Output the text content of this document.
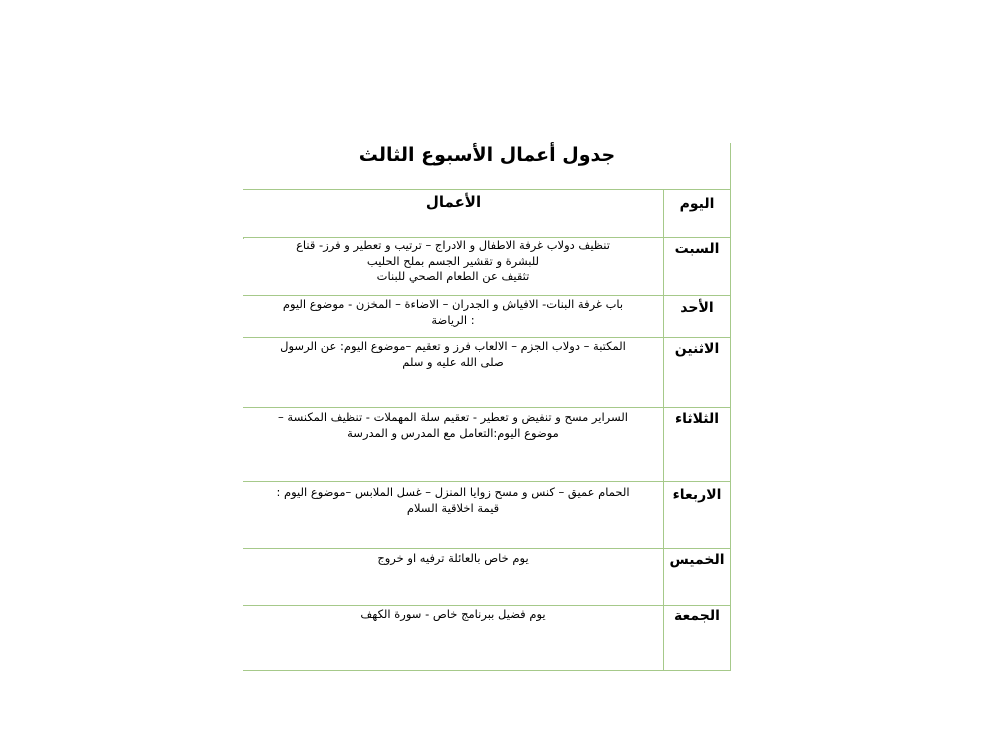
جدول أعمال الأسبوع الثالث
الأعمال	اليوم
السبت
تنظيف دولاب غرفة الاطفال و الادراج – ترتيب و تعطير و فرز- قناع
للبشرة و تقشير الجسم بملح الحليب
تثقيف عن الطعام الصحي للبنات
الأحد
باب غرفة البنات- الافياش و الجدران – الاضاءة – المخزن - موضوع اليوم
: الرياضة
الاثنين
المكتبة – دولاب الجزم – الالعاب فرز و تعقيم –موضوع اليوم: عن الرسول
صلى الله عليه و سلم
الثلاثاء
السراير مسح و تنفيض و تعطير - تعقيم سلة المهملات - تنظيف المكنسة –
موضوع اليوم:التعامل مع المدرس و المدرسة
الاربعاء
الحمام عميق – كنس و مسح زوايا المنزل – غسل الملابس –موضوع اليوم :
قيمة اخلاقية السلام
الخميس
يوم خاص بالعائلة ترفيه او خروج
الجمعة
يوم فضيل ببرنامج خاص - سورة الكهف
